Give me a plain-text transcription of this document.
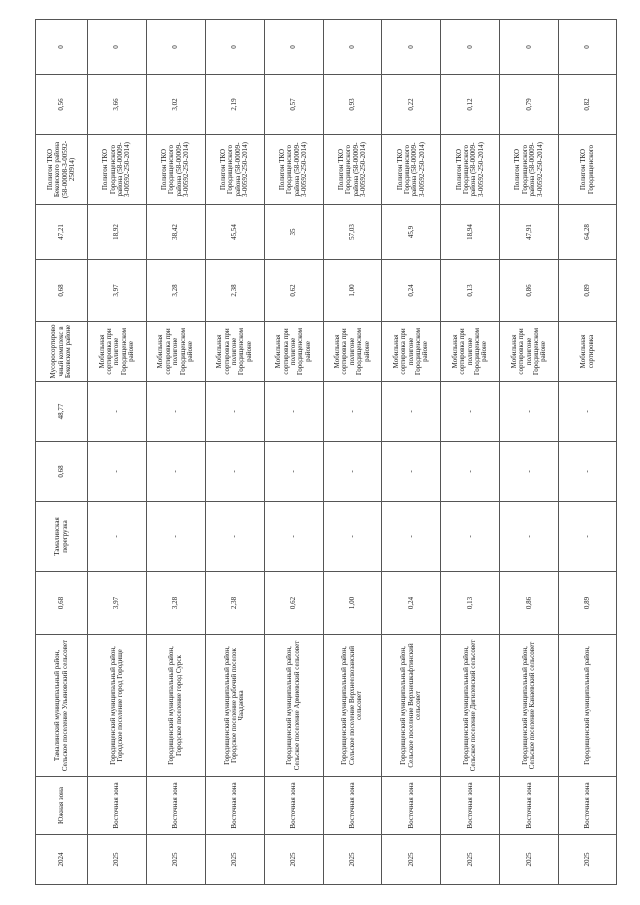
2024	Южная зона	Тамалинский муниципальный район, Сельское поселение Ульяновский сельсовет	0,68	Тамалинская перегрузка	0,68	48,77	Мусоросортировочный комплекс в Бековском районе	0,68	47,21	Полигон ТКО Бековского района (58-00008-З-00592-250914)	0,56	0
2025	Восточная зона	Городищенский муниципальный район, Городское поселение город Городище	3,97	-	-	-	Мобильная сортировка при полигоне Городищенском районе	3,97	18,92	Полигон ТКО Городищенского района (58-00009-З-00592-250-2014)	3,66	0
2025	Восточная зона	Городищенский муниципальный район, Городское поселение город Сурск	3,28	-	-	-	Мобильная сортировка при полигоне Городищенском районе	3,28	38,42	Полигон ТКО Городищенского района (58-00009-З-00592-250-2014)	3,02	0
2025	Восточная зона	Городищенский муниципальный район, Городское поселение рабочий поселок Чаадаевка	2,38	-	-	-	Мобильная сортировка при полигоне Городищенском районе	2,38	45,54	Полигон ТКО Городищенского района (58-00009-З-00592-250-2014)	2,19	0
2025	Восточная зона	Городищенский муниципальный район, Сельское поселение Армиевский сельсовет	0,62	-	-	-	Мобильная сортировка при полигоне Городищенском районе	0,62	35	Полигон ТКО Городищенского района (58-00009-З-00592-250-2014)	0,57	0
2025	Восточная зона	Городищенский муниципальный район, Сельское поселение Верхнеелюзанский сельсовет	1,00	-	-	-	Мобильная сортировка при полигоне Городищенском районе	1,00	57,03	Полигон ТКО Городищенского района (58-00009-З-00592-250-2014)	0,93	0
2025	Восточная зона	Городищенский муниципальный район, Сельское поселение Верхнешкафтинский сельсовет	0,24	-	-	-	Мобильная сортировка при полигоне Городищенском районе	0,24	45,9	Полигон ТКО Городищенского района (58-00009-З-00592-250-2014)	0,22	0
2025	Восточная зона	Городищенский муниципальный район, Сельское поселение Дигилевский сельсовет	0,13	-	-	-	Мобильная сортировка при полигоне Городищенском районе	0,13	18,94	Полигон ТКО Городищенского района (58-00009-З-00592-250-2014)	0,12	0
2025	Восточная зона	Городищенский муниципальный район, Сельское поселение Канаевский сельсовет	0,86	-	-	-	Мобильная сортировка при полигоне Городищенском районе	0,86	47,91	Полигон ТКО Городищенского района (58-00009-З-00592-250-2014)	0,79	0
2025	Восточная зона	Городищенский муниципальный район,	0,89	-	-	-	Мобильная сортировка	0,89	64,28	Полигон ТКО Городищенского	0,82	0
